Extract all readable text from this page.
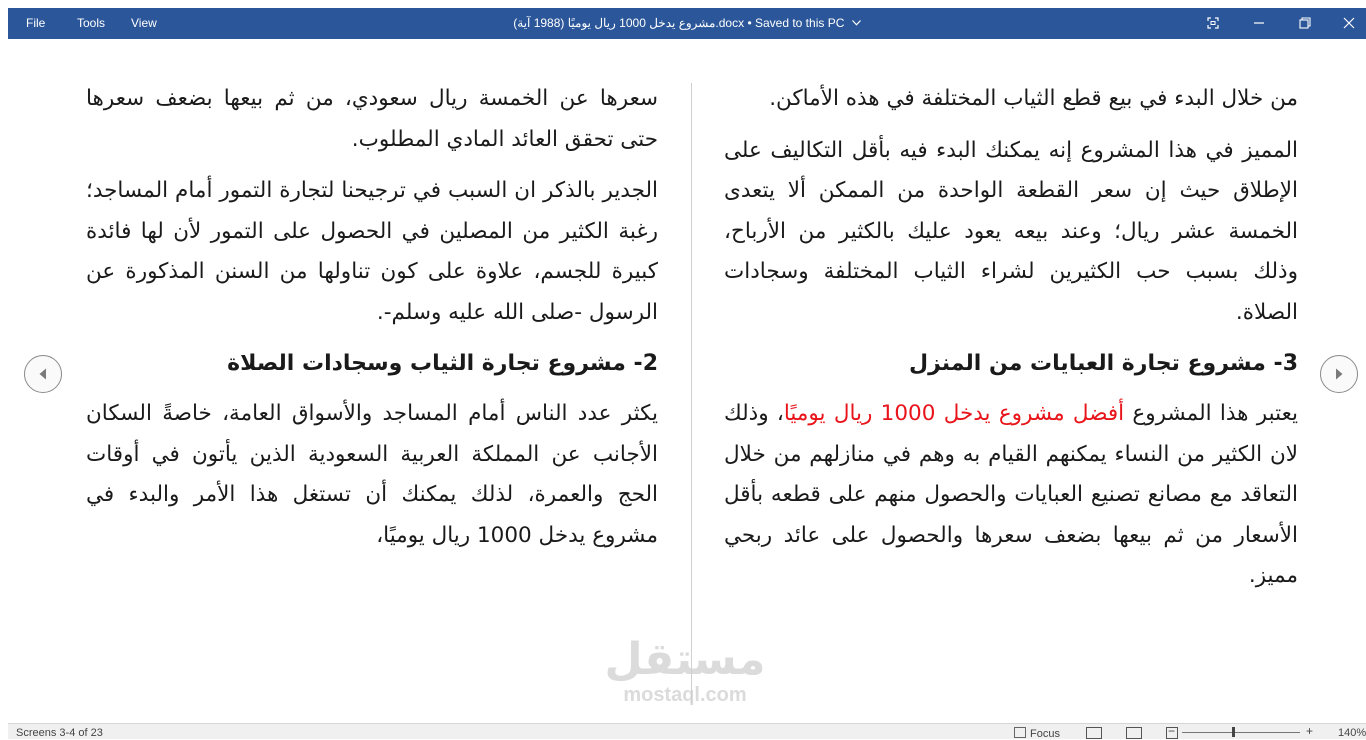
File	Tools View	مشروع يدخل 1000 ريال يوميًا (1988 آية).docx • Saved to this PC

من خلال البدء في بيع قطع الثياب المختلفة في هذه الأماكن.

المميز في هذا المشروع إنه يمكنك البدء فيه بأقل التكاليف على الإطلاق حيث إن سعر القطعة الواحدة من الممكن ألا يتعدى الخمسة عشر ريال؛ وعند بيعه يعود عليك بالكثير من الأرباح، وذلك بسبب حب الكثيرين لشراء الثياب المختلفة وسجادات الصلاة.

3- مشروع تجارة العبايات من المنزل

يعتبر هذا المشروع أفضل مشروع يدخل 1000 ريال يوميًا، وذلك لان الكثير من النساء يمكنهم القيام به وهم في منازلهم من خلال التعاقد مع مصانع تصنيع العبايات والحصول منهم على قطعه بأقل الأسعار من ثم بيعها بضعف سعرها والحصول على عائد ربحي مميز.

سعرها عن الخمسة ريال سعودي، من ثم بيعها بضعف سعرها حتى تحقق العائد المادي المطلوب.

الجدير بالذكر ان السبب في ترجيحنا لتجارة التمور أمام المساجد؛ رغبة الكثير من المصلين في الحصول على التمور لأن لها فائدة كبيرة للجسم، علاوة على كون تناولها من السنن المذكورة عن الرسول -صلى الله عليه وسلم-.

2- مشروع تجارة الثياب وسجادات الصلاة

يكثر عدد الناس أمام المساجد والأسواق العامة، خاصةً السكان الأجانب عن المملكة العربية السعودية الذين يأتون في أوقات الحج والعمرة، لذلك يمكنك أن تستغل هذا الأمر والبدء في مشروع يدخل 1000 ريال يوميًا،

مستقل
mostaql.com
Screens 3-4 of 23	Focus	−	+ 140%
